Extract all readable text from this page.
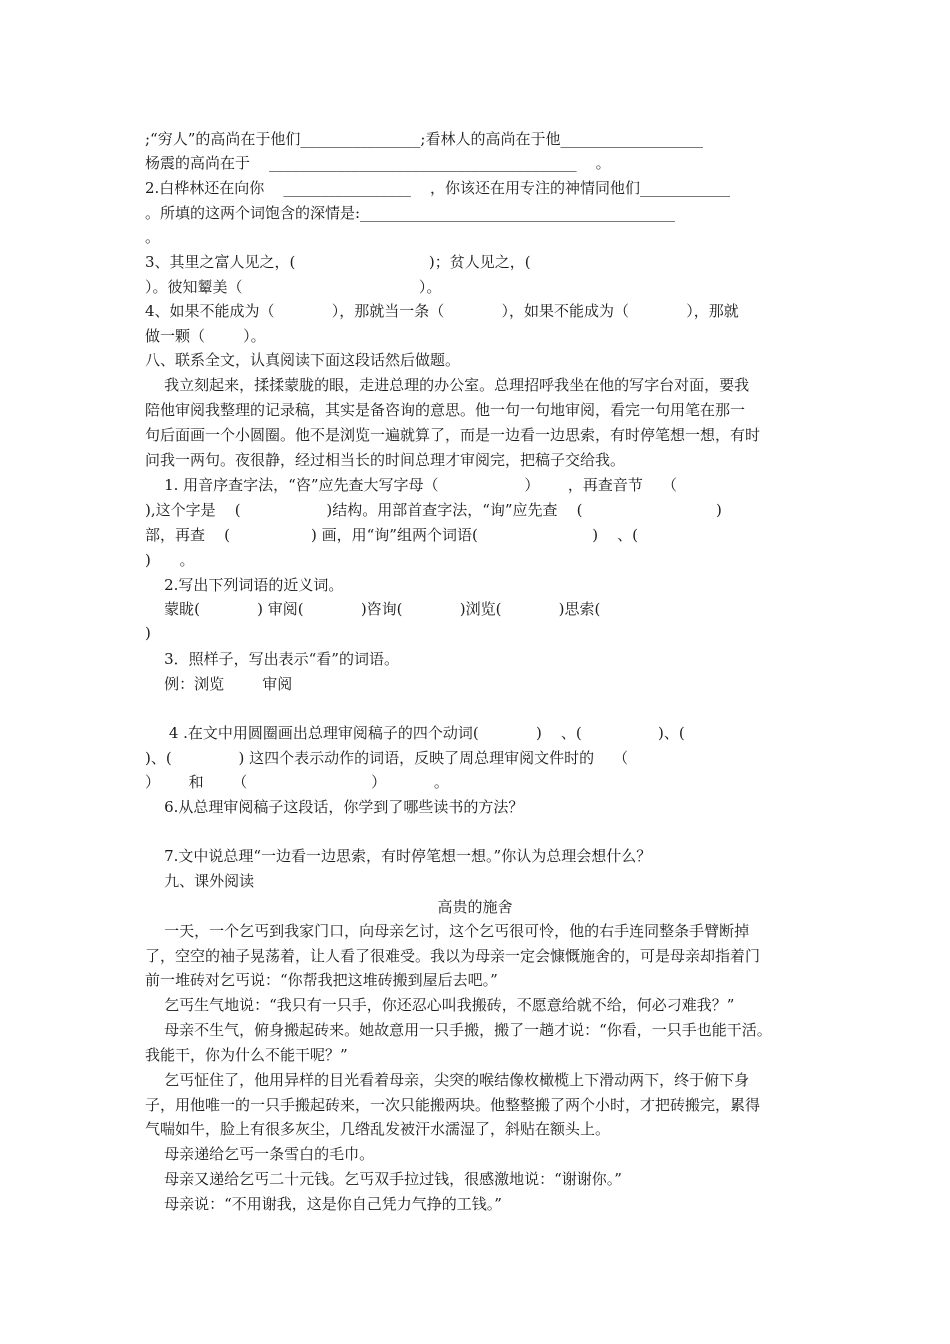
;“穷人”的高尚在于他们________________;看林人的高尚在于他___________________
杨震的高尚在于    _________________________________________    。
2.白桦林还在向你    _________________    ，你该还在用专注的神情同他们____________
。所填的这两个词饱含的深情是:__________________________________________
。
3、其里之富人见之，(                            )；贫人见之，(
）。彼知颦美（                                     ）。
4、如果不能成为（            ），那就当一条（            ），如果不能成为（            ），那就
做一颗（        ）。
八、联系全文，认真阅读下面这段话然后做题。
我立刻起来，揉揉蒙胧的眼，走进总理的办公室。总理招呼我坐在他的写字台对面，要我
陪他审阅我整理的记录稿，其实是备咨询的意思。他一句一句地审阅，看完一句用笔在那一
句后面画一个小圆圈。他不是浏览一遍就算了，而是一边看一边思索，有时停笔想一想，有时
问我一两句。夜很静，经过相当长的时间总理才审阅完，把稿子交给我。
1. 用音序查字法，“咨”应先查大写字母（                  ）      ，再查音节    （
),这个字是    (                  )结构。用部首查字法，“询”应先查    (                            )
部，再查    (                 ) 画，用“询”组两个词语(                        )    、(
)      。
2.写出下列词语的近义词。
蒙眬(            ) 审阅(            )咨询(            )浏览(            )思索(
)
3．照样子，写出表示“看”的词语。
例：浏览        审阅
4 .在文中用圆圈画出总理审阅稿子的四个动词(            )    、(                )、(
)、(              ) 这四个表示动作的词语，反映了周总理审阅文件时的    （
）      和      （                          ）          。
6.从总理审阅稿子这段话，你学到了哪些读书的方法？
7.文中说总理“一边看一边思索，有时停笔想一想。”你认为总理会想什么？
九、课外阅读
高贵的施舍
一天，一个乞丐到我家门口，向母亲乞讨，这个乞丐很可怜，他的右手连同整条手臂断掉
了，空空的袖子晃荡着，让人看了很难受。我以为母亲一定会慷慨施舍的，可是母亲却指着门
前一堆砖对乞丐说：“你帮我把这堆砖搬到屋后去吧。”
乞丐生气地说：“我只有一只手，你还忍心叫我搬砖，不愿意给就不给，何必刁难我？”
母亲不生气，俯身搬起砖来。她故意用一只手搬，搬了一趟才说：“你看，一只手也能干活。
我能干，你为什么不能干呢？”
乞丐怔住了，他用异样的目光看着母亲，尖突的喉结像枚橄榄上下滑动两下，终于俯下身
子，用他唯一的一只手搬起砖来，一次只能搬两块。他整整搬了两个小时，才把砖搬完，累得
气喘如牛，脸上有很多灰尘，几绺乱发被汗水濡湿了，斜贴在额头上。
母亲递给乞丐一条雪白的毛巾。
母亲又递给乞丐二十元钱。乞丐双手拉过钱，很感激地说：“谢谢你。”
母亲说：“不用谢我，这是你自己凭力气挣的工钱。”
